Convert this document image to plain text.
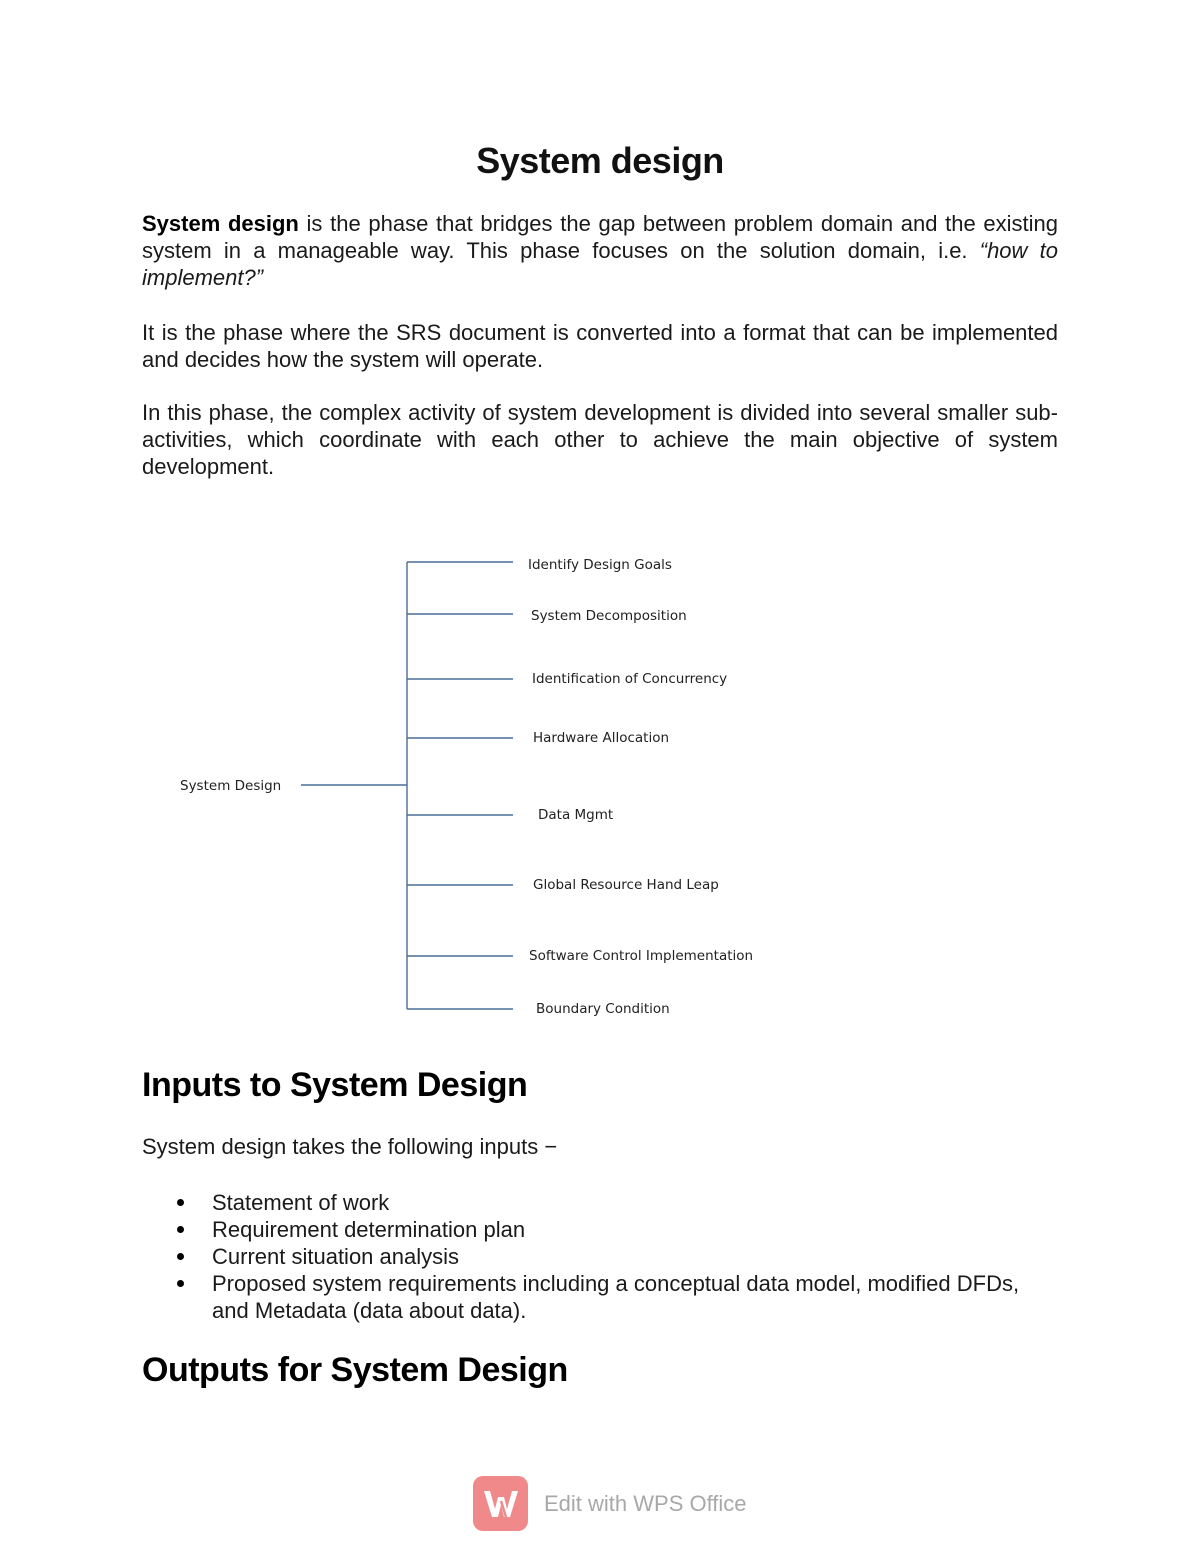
System design

System design is the phase that bridges the gap between problem domain and the existing system in a manageable way. This phase focuses on the solution domain, i.e. “how to implement?”

It is the phase where the SRS document is converted into a format that can be implemented and decides how the system will operate.

In this phase, the complex activity of system development is divided into several smaller sub-activities, which coordinate with each other to achieve the main objective of system development.

System Design
Identify Design Goals
System Decomposition
Identification of Concurrency
Hardware Allocation
Data Mgmt
Global Resource Hand Leap
Software Control Implementation
Boundary Condition
Inputs to System Design

System design takes the following inputs −

Statement of work
Requirement determination plan
Current situation analysis
Proposed system requirements including a conceptual data model, modified DFDs, and Metadata (data about data).
Outputs for System Design
Edit with WPS Office
